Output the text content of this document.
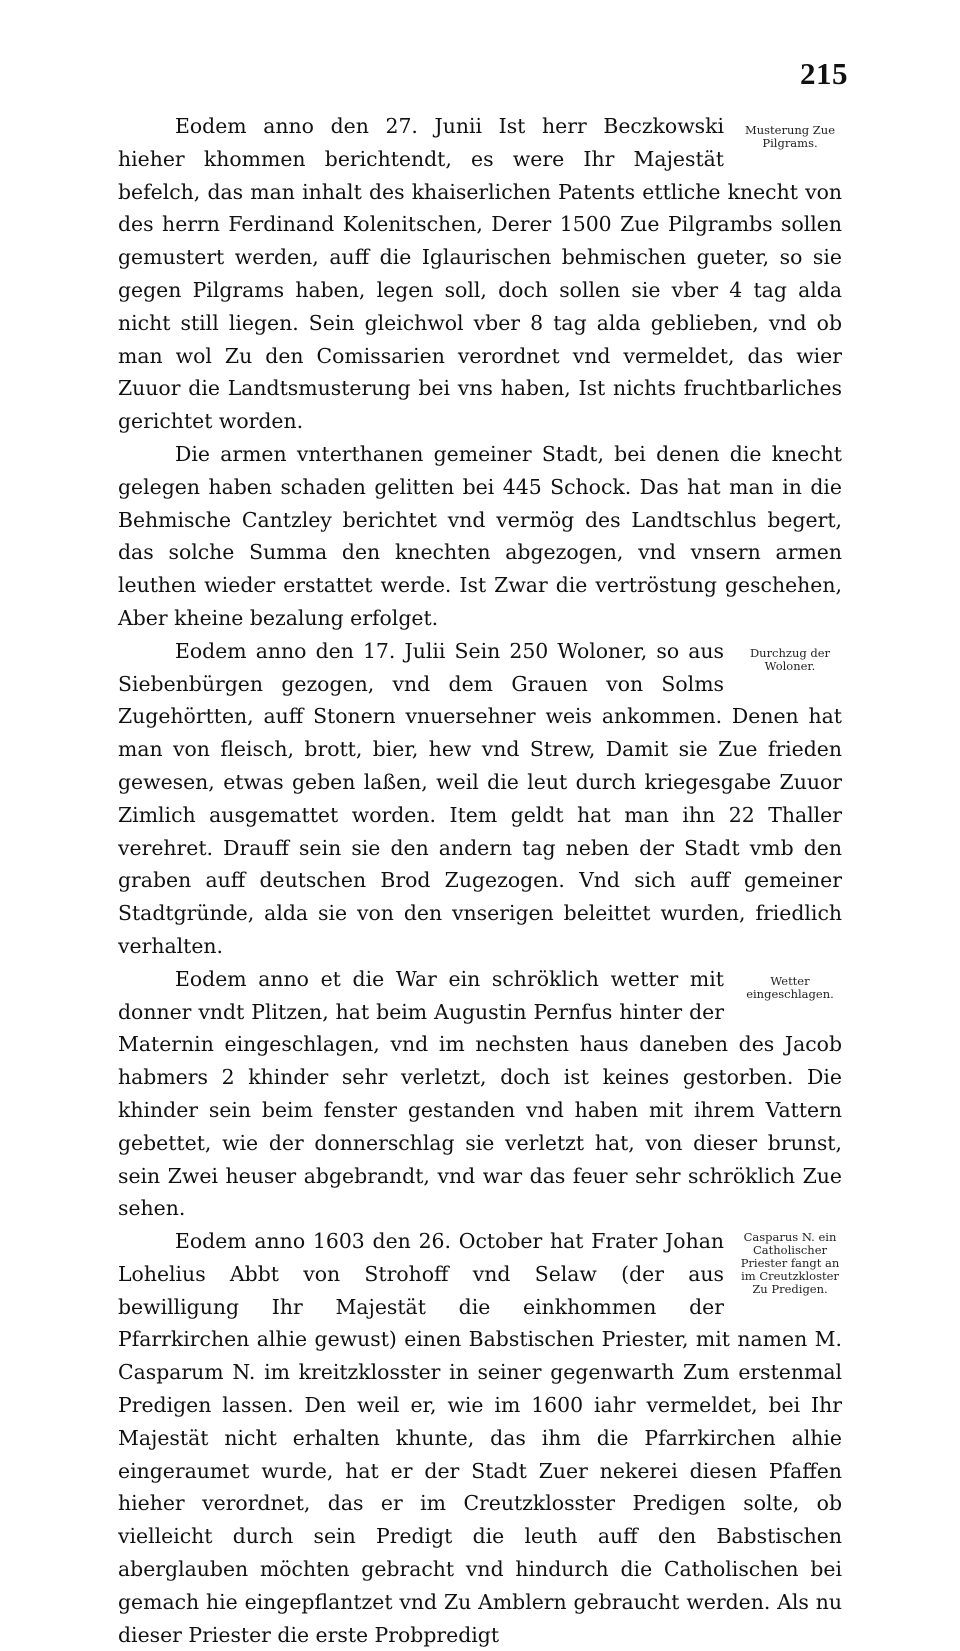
215

Musterung Zue Pilgrams.
Eodem anno den 27. Junii Ist herr Beczkowski hieher khommen berichtendt, es were Ihr Majestät befelch, das man inhalt des khaiserlichen Patents ettliche knecht von des herrn Ferdinand Kolenitschen, Derer 1500 Zue Pilgrambs sollen gemustert werden, auff die Iglaurischen behmischen gueter, so sie gegen Pilgrams haben, legen soll, doch sollen sie vber 4 tag alda nicht still liegen. Sein gleichwol vber 8 tag alda geblieben, vnd ob man wol Zu den Comissarien verordnet vnd vermeldet, das wier Zuuor die Landtsmusterung bei vns haben, Ist nichts fruchtbarliches gerichtet worden.

Die armen vnterthanen gemeiner Stadt, bei denen die knecht gelegen haben schaden gelitten bei 445 Schock. Das hat man in die Behmische Cantzley berichtet vnd vermög des Landtschlus begert, das solche Summa den knechten abgezogen, vnd vnsern armen leuthen wieder erstattet werde. Ist Zwar die vertröstung geschehen, Aber kheine bezalung erfolget.

Durchzug der Woloner.
Eodem anno den 17. Julii Sein 250 Woloner, so aus Siebenbürgen gezogen, vnd dem Grauen von Solms Zugehörtten, auff Stonern vnuersehner weis ankommen. Denen hat man von fleisch, brott, bier, hew vnd Strew, Damit sie Zue frieden gewesen, etwas geben laßen, weil die leut durch kriegesgabe Zuuor Zimlich ausgemattet worden. Item geldt hat man ihn 22 Thaller verehret. Drauff sein sie den andern tag neben der Stadt vmb den graben auff deutschen Brod Zugezogen. Vnd sich auff gemeiner Stadtgründe, alda sie von den vnserigen beleittet wurden, friedlich verhalten.

Wetter eingeschlagen.
Eodem anno et die War ein schröklich wetter mit donner vndt Plitzen, hat beim Augustin Pernfus hinter der Maternin eingeschlagen, vnd im nechsten haus daneben des Jacob habmers 2 khinder sehr verletzt, doch ist keines gestorben. Die khinder sein beim fenster gestanden vnd haben mit ihrem Vattern gebettet, wie der donnerschlag sie verletzt hat, von dieser brunst, sein Zwei heuser abgebrandt, vnd war das feuer sehr schröklich Zue sehen.

Casparus N. ein Catholischer Priester fangt an im Creutzkloster Zu Predigen.
Eodem anno 1603 den 26. October hat Frater Johan Lohelius Abbt von Strohoff vnd Selaw (der aus bewilligung Ihr Majestät die einkhommen der Pfarrkirchen alhie gewust) einen Babstischen Priester, mit namen M. Casparum N. im kreitzklosster in seiner gegenwarth Zum erstenmal Predigen lassen. Den weil er, wie im 1600 iahr vermeldet, bei Ihr Majestät nicht erhalten khunte, das ihm die Pfarrkirchen alhie eingeraumet wurde, hat er der Stadt Zuer nekerei diesen Pfaffen hieher verordnet, das er im Creutzklosster Predigen solte, ob vielleicht durch sein Predigt die leuth auff den Babstischen aberglauben möchten gebracht vnd hindurch die Catholischen bei gemach hie eingepflantzet vnd Zu Amblern gebraucht werden. Als nu dieser Priester die erste Probpredigt
